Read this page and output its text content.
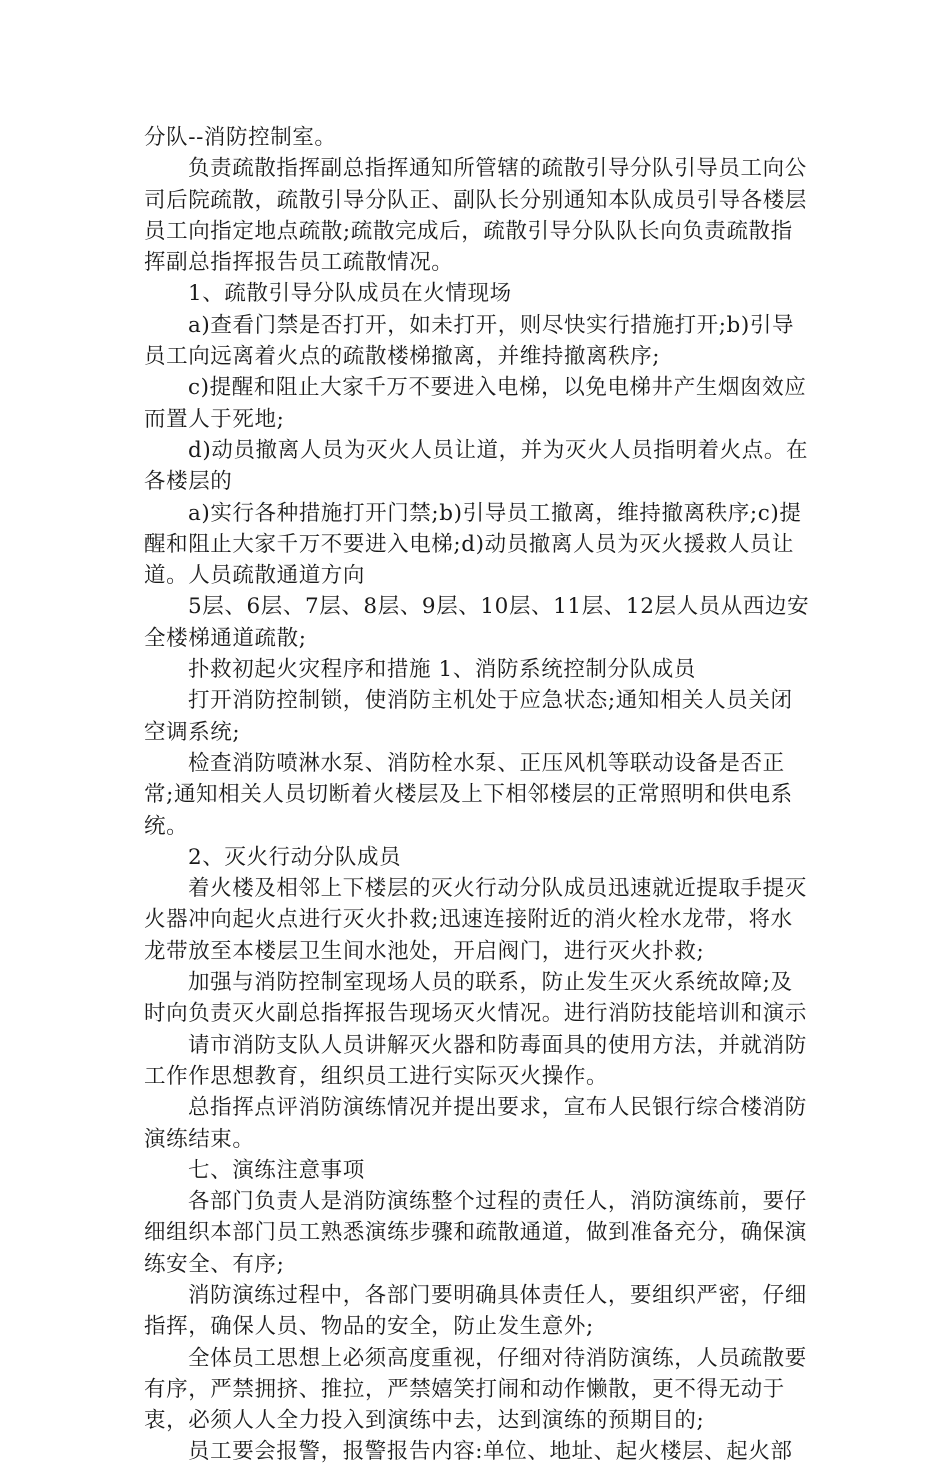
分队--消防控制室。

负责疏散指挥副总指挥通知所管辖的疏散引导分队引导员工向公司后院疏散，疏散引导分队正、副队长分别通知本队成员引导各楼层员工向指定地点疏散;疏散完成后，疏散引导分队队长向负责疏散指挥副总指挥报告员工疏散情况。

1、疏散引导分队成员在火情现场

a)查看门禁是否打开，如未打开，则尽快实行措施打开;b)引导员工向远离着火点的疏散楼梯撤离，并维持撤离秩序;

c)提醒和阻止大家千万不要进入电梯，以免电梯井产生烟囱效应而置人于死地;

d)动员撤离人员为灭火人员让道，并为灭火人员指明着火点。在各楼层的

a)实行各种措施打开门禁;b)引导员工撤离，维持撤离秩序;c)提醒和阻止大家千万不要进入电梯;d)动员撤离人员为灭火援救人员让道。人员疏散通道方向

5层、6层、7层、8层、9层、10层、11层、12层人员从西边安全楼梯通道疏散;

扑救初起火灾程序和措施 1、消防系统控制分队成员

打开消防控制锁，使消防主机处于应急状态;通知相关人员关闭空调系统;

检查消防喷淋水泵、消防栓水泵、正压风机等联动设备是否正常;通知相关人员切断着火楼层及上下相邻楼层的正常照明和供电系统。

2、灭火行动分队成员

着火楼及相邻上下楼层的灭火行动分队成员迅速就近提取手提灭火器冲向起火点进行灭火扑救;迅速连接附近的消火栓水龙带，将水龙带放至本楼层卫生间水池处，开启阀门，进行灭火扑救;

加强与消防控制室现场人员的联系，防止发生灭火系统故障;及时向负责灭火副总指挥报告现场灭火情况。进行消防技能培训和演示

请市消防支队人员讲解灭火器和防毒面具的使用方法，并就消防工作作思想教育，组织员工进行实际灭火操作。

总指挥点评消防演练情况并提出要求，宣布人民银行综合楼消防演练结束。

七、演练注意事项

各部门负责人是消防演练整个过程的责任人，消防演练前，要仔细组织本部门员工熟悉演练步骤和疏散通道，做到准备充分，确保演练安全、有序;

消防演练过程中，各部门要明确具体责任人，要组织严密，仔细指挥，确保人员、物品的安全，防止发生意外;

全体员工思想上必须高度重视，仔细对待消防演练，人员疏散要有序，严禁拥挤、推拉，严禁嬉笑打闹和动作懒散，更不得无动于衷，必须人人全力投入到演练中去，达到演练的预期目的;

员工要会报警，报警报告内容:单位、地址、起火楼层、起火部
